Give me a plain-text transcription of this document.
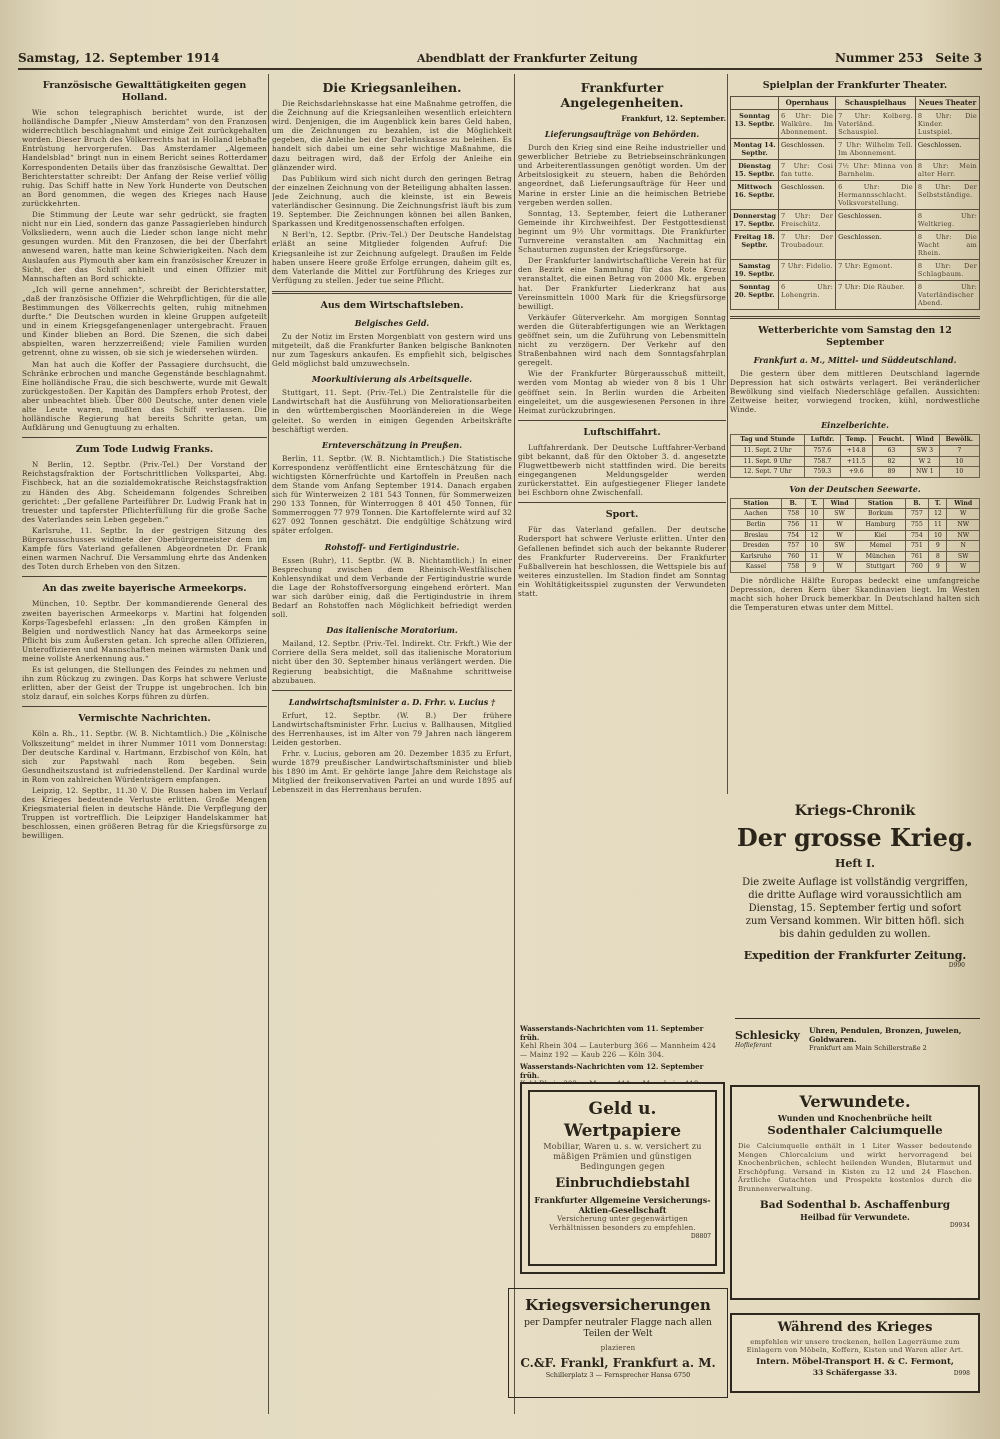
Samstag, 12. September 1914	Abendblatt der Frankfurter Zeitung	Nummer 253 Seite 3
Französische Gewalttätigkeiten gegen Holland.

Wie schon telegraphisch berichtet wurde, ist der holländische Dampfer „Nieuw Amsterdam“ von den Franzosen widerrechtlich beschlagnahmt und einige Zeit zurückgehalten worden. Dieser Bruch des Völkerrechts hat in Holland lebhafte Entrüstung hervorgerufen. Das Amsterdamer „Algemeen Handelsblad“ bringt nun in einem Bericht seines Rotterdamer Korrespondenten Details über das französische Gewalttat. Der Berichterstatter schreibt: Der Anfang der Reise verlief völlig ruhig. Das Schiff hatte in New York Hunderte von Deutschen an Bord genommen, die wegen des Krieges nach Hause zurückkehrten.

Die Stimmung der Leute war sehr gedrückt, sie fragten nicht nur ein Lied, sondern das ganze Passagierleben hindurch Volksliedern, wenn auch die Lieder schon lange nicht mehr gesungen wurden. Mit den Franzosen, die bei der Überfahrt anwesend waren, hatte man keine Schwierigkeiten. Nach dem Auslaufen aus Plymouth aber kam ein französischer Kreuzer in Sicht, der das Schiff anhielt und einen Offizier mit Mannschaften an Bord schickte.

„Ich will gerne annehmen“, schreibt der Berichterstatter, „daß der französische Offizier die Wehrpflichtigen, für die alle Bestimmungen des Völkerrechts gelten, ruhig mitnehmen durfte.“ Die Deutschen wurden in kleine Gruppen aufgeteilt und in einem Kriegsgefangenenlager untergebracht. Frauen und Kinder blieben an Bord. Die Szenen, die sich dabei abspielten, waren herzzerreißend; viele Familien wurden getrennt, ohne zu wissen, ob sie sich je wiedersehen würden.

Man hat auch die Koffer der Passagiere durchsucht, die Schränke erbrochen und manche Gegenstände beschlagnahmt. Eine holländische Frau, die sich beschwerte, wurde mit Gewalt zurückgestoßen. Der Kapitän des Dampfers erhob Protest, der aber unbeachtet blieb. Über 800 Deutsche, unter denen viele alte Leute waren, mußten das Schiff verlassen. Die holländische Regierung hat bereits Schritte getan, um Aufklärung und Genugtuung zu erhalten.

Zum Tode Ludwig Franks.

N Berlin, 12. Septbr. (Priv.-Tel.) Der Vorstand der Reichstagsfraktion der Fortschrittlichen Volkspartei, Abg. Fischbeck, hat an die sozialdemokratische Reichstagsfraktion zu Händen des Abg. Scheidemann folgendes Schreiben gerichtet: „Der gefallene Parteiführer Dr. Ludwig Frank hat in treuester und tapferster Pflichterfüllung für die große Sache des Vaterlandes sein Leben gegeben.“

Karlsruhe, 11. Septbr. In der gestrigen Sitzung des Bürgerausschusses widmete der Oberbürgermeister dem im Kampfe fürs Vaterland gefallenen Abgeordneten Dr. Frank einen warmen Nachruf. Die Versammlung ehrte das Andenken des Toten durch Erheben von den Sitzen.

An das zweite bayerische Armeekorps.

München, 10. Septbr. Der kommandierende General des zweiten bayerischen Armeekorps v. Martini hat folgenden Korps-Tagesbefehl erlassen: „In den großen Kämpfen in Belgien und nordwestlich Nancy hat das Armeekorps seine Pflicht bis zum Äußersten getan. Ich spreche allen Offizieren, Unteroffizieren und Mannschaften meinen wärmsten Dank und meine vollste Anerkennung aus.“

Es ist gelungen, die Stellungen des Feindes zu nehmen und ihn zum Rückzug zu zwingen. Das Korps hat schwere Verluste erlitten, aber der Geist der Truppe ist ungebrochen. Ich bin stolz darauf, ein solches Korps führen zu dürfen.

Vermischte Nachrichten.

Köln a. Rh., 11. Septbr. (W. B. Nichtamtlich.) Die „Kölnische Volkszeitung“ meldet in ihrer Nummer 1011 vom Donnerstag: Der deutsche Kardinal v. Hartmann, Erzbischof von Köln, hat sich zur Papstwahl nach Rom begeben. Sein Gesundheitszustand ist zufriedenstellend. Der Kardinal wurde in Rom von zahlreichen Würdenträgern empfangen.

Leipzig, 12. Septbr., 11.30 V. Die Russen haben im Verlauf des Krieges bedeutende Verluste erlitten. Große Mengen Kriegsmaterial fielen in deutsche Hände. Die Verpflegung der Truppen ist vortrefflich. Die Leipziger Handelskammer hat beschlossen, einen größeren Betrag für die Kriegsfürsorge zu bewilligen.

Die Kriegsanleihen.

Die Reichsdarlehnskasse hat eine Maßnahme getroffen, die die Zeichnung auf die Kriegsanleihen wesentlich erleichtern wird. Denjenigen, die im Augenblick kein bares Geld haben, um die Zeichnungen zu bezahlen, ist die Möglichkeit gegeben, die Anleihe bei der Darlehnskasse zu beleihen. Es handelt sich dabei um eine sehr wichtige Maßnahme, die dazu beitragen wird, daß der Erfolg der Anleihe ein glänzender wird.

Das Publikum wird sich nicht durch den geringen Betrag der einzelnen Zeichnung von der Beteiligung abhalten lassen. Jede Zeichnung, auch die kleinste, ist ein Beweis vaterländischer Gesinnung. Die Zeichnungsfrist läuft bis zum 19. September. Die Zeichnungen können bei allen Banken, Sparkassen und Kreditgenossenschaften erfolgen.

N Berl'n, 12. Septbr. (Priv.-Tel.) Der Deutsche Handelstag erläßt an seine Mitglieder folgenden Aufruf: Die Kriegsanleihe ist zur Zeichnung aufgelegt. Draußen im Felde haben unsere Heere große Erfolge errungen, daheim gilt es, dem Vaterlande die Mittel zur Fortführung des Krieges zur Verfügung zu stellen. Jeder tue seine Pflicht.

Aus dem Wirtschaftsleben.
Belgisches Geld.

Zu der Notiz im Ersten Morgenblatt von gestern wird uns mitgeteilt, daß die Frankfurter Banken belgische Banknoten nur zum Tageskurs ankaufen. Es empfiehlt sich, belgisches Geld möglichst bald umzuwechseln.

Moorkultivierung als Arbeitsquelle.

Stuttgart, 11. Sept. (Priv.-Tel.) Die Zentralstelle für die Landwirtschaft hat die Ausführung von Meliorationsarbeiten in den württembergischen Moorländereien in die Wege geleitet. So werden in einigen Gegenden Arbeitskräfte beschäftigt werden.

Ernteverschätzung in Preußen.

Berlin, 11. Septbr. (W. B. Nichtamtlich.) Die Statistische Korrespondenz veröffentlicht eine Ernteschätzung für die wichtigsten Körnerfrüchte und Kartoffeln in Preußen nach dem Stande vom Anfang September 1914. Danach ergaben sich für Winterweizen 2 181 543 Tonnen, für Sommerweizen 290 133 Tonnen, für Winterroggen 8 401 450 Tonnen, für Sommerroggen 77 979 Tonnen. Die Kartoffelernte wird auf 32 627 092 Tonnen geschätzt. Die endgültige Schätzung wird später erfolgen.

Rohstoff- und Fertigindustrie.

Essen (Ruhr), 11. Septbr. (W. B. Nichtamtlich.) In einer Besprechung zwischen dem Rheinisch-Westfälischen Kohlensyndikat und dem Verbande der Fertigindustrie wurde die Lage der Rohstoffversorgung eingehend erörtert. Man war sich darüber einig, daß die Fertigindustrie in ihrem Bedarf an Rohstoffen nach Möglichkeit befriedigt werden soll.

Das italienische Moratorium.

Mailand, 12. Septbr. (Priv.-Tel. Indirekt. Ctr. Frkft.) Wie der Corriere della Sera meldet, soll das italienische Moratorium nicht über den 30. September hinaus verlängert werden. Die Regierung beabsichtigt, die Maßnahme schrittweise abzubauen.

Landwirtschaftsminister a. D. Frhr. v. Lucius †

Erfurt, 12. Septbr. (W. B.) Der frühere Landwirtschaftsminister Frhr. Lucius v. Ballhausen, Mitglied des Herrenhauses, ist im Alter von 79 Jahren nach längerem Leiden gestorben.

Frhr. v. Lucius, geboren am 20. Dezember 1835 zu Erfurt, wurde 1879 preußischer Landwirtschaftsminister und blieb bis 1890 im Amt. Er gehörte lange Jahre dem Reichstage als Mitglied der freikonservativen Partei an und wurde 1895 auf Lebenszeit in das Herrenhaus berufen.

Frankfurter Angelegenheiten.
Frankfurt, 12. September.
Lieferungsaufträge von Behörden.

Durch den Krieg sind eine Reihe industrieller und gewerblicher Betriebe zu Betriebseinschränkungen und Arbeiterentlassungen genötigt worden. Um der Arbeitslosigkeit zu steuern, haben die Behörden angeordnet, daß Lieferungsaufträge für Heer und Marine in erster Linie an die heimischen Betriebe vergeben werden sollen.

Sonntag, 13. September, feiert die Lutheraner Gemeinde ihr Kirchweihfest. Der Festgottesdienst beginnt um 9½ Uhr vormittags. Die Frankfurter Turnvereine veranstalten am Nachmittag ein Schauturnen zugunsten der Kriegsfürsorge.

Der Frankfurter landwirtschaftliche Verein hat für den Bezirk eine Sammlung für das Rote Kreuz veranstaltet, die einen Betrag von 2000 Mk. ergeben hat. Der Frankfurter Liederkranz hat aus Vereinsmitteln 1000 Mark für die Kriegsfürsorge bewilligt.

Verkäufer Güterverkehr. Am morgigen Sonntag werden die Güterabfertigungen wie an Werktagen geöffnet sein, um die Zuführung von Lebensmitteln nicht zu verzögern. Der Verkehr auf den Straßenbahnen wird nach dem Sonntagsfahrplan geregelt.

Wie der Frankfurter Bürgerausschuß mitteilt, werden vom Montag ab wieder von 8 bis 1 Uhr geöffnet sein. In Berlin wurden die Arbeiten eingeleitet, um die ausgewiesenen Personen in ihre Heimat zurückzubringen.

Luftschiffahrt.

Luftfahrerdank. Der Deutsche Luftfahrer-Verband gibt bekannt, daß für den Oktober 3. d. angesetzte Flugwettbewerb nicht stattfinden wird. Die bereits eingegangenen Meldungsgelder werden zurückerstattet. Ein aufgestiegener Flieger landete bei Eschborn ohne Zwischenfall.

Sport.

Für das Vaterland gefallen. Der deutsche Rudersport hat schwere Verluste erlitten. Unter den Gefallenen befindet sich auch der bekannte Ruderer des Frankfurter Rudervereins. Der Frankfurter Fußballverein hat beschlossen, die Wettspiele bis auf weiteres einzustellen. Im Stadion findet am Sonntag ein Wohltätigkeitsspiel zugunsten der Verwundeten statt.

Spielplan der Frankfurter Theater.
	Opernhaus	Schauspielhaus	Neues Theater
Sonntag 13. Septbr.	6 Uhr: Die Walküre. Im Abonnement.	7 Uhr: Kolberg. Vaterländ. Schauspiel.	8 Uhr: Die Kinder. Lustspiel.
Montag 14. Septbr.	Geschlossen.	7 Uhr: Wilhelm Tell. Im Abonnement.	Geschlossen.
Dienstag 15. Septbr.	7 Uhr: Cosi fan tutte.	7½ Uhr: Minna von Barnhelm.	8 Uhr: Mein alter Herr.
Mittwoch 16. Septbr.	Geschlossen.	6 Uhr: Die Hermannsschlacht. Volksvorstellung.	8 Uhr: Der Selbstständige.
Donnerstag 17. Septbr.	7 Uhr: Der Freischütz.	Geschlossen.	8 Uhr: Weltkrieg.
Freitag 18. Septbr.	7 Uhr: Der Troubadour.	Geschlossen.	8 Uhr: Die Wacht am Rhein.
Samstag 19. Septbr.	7 Uhr: Fidelio.	7 Uhr: Egmont.	8 Uhr: Der Schlagbaum.
Sonntag 20. Septbr.	6 Uhr: Lohengrin.	7 Uhr: Die Räuber.	8 Uhr: Vaterländischer Abend.
Wetterberichte vom Samstag den 12 September
Frankfurt a. M., Mittel- und Süddeutschland.

Die gestern über dem mittleren Deutschland lagernde Depression hat sich ostwärts verlagert. Bei veränderlicher Bewölkung sind vielfach Niederschläge gefallen. Aussichten: Zeitweise heiter, vorwiegend trocken, kühl, nordwestliche Winde.

Einzelberichte.
Tag und Stunde	Luftdr.	Temp.	Feucht.	Wind	Bewölk.
11. Sept. 2 Uhr	757.6	+14.8	63	SW 3	7
11. Sept. 9 Uhr	758.7	+11.5	82	W 2	10
12. Sept. 7 Uhr	759.3	+9.6	89	NW 1	10
Von der Deutschen Seewarte.
Station	B.	T.	Wind	Station	B.	T.	Wind
Aachen	758	10	SW	Borkum	757	12	W
Berlin	756	11	W	Hamburg	755	11	NW
Breslau	754	12	W	Kiel	754	10	NW
Dresden	757	10	SW	Memel	751	9	N
Karlsruhe	760	11	W	München	761	8	SW
Kassel	758	9	W	Stuttgart	760	9	W

Die nördliche Hälfte Europas bedeckt eine umfangreiche Depression, deren Kern über Skandinavien liegt. Im Westen macht sich hoher Druck bemerkbar. In Deutschland halten sich die Temperaturen etwas unter dem Mittel.

Kriegs-Chronik
Der grosse Krieg.
Heft I.
Die zweite Auflage ist vollständig vergriffen, die dritte Auflage wird voraussichtlich am Dienstag, 15. September fertig und sofort zum Versand kommen. Wir bitten höfl. sich bis dahin gedulden zu wollen.
Expedition der Frankfurter Zeitung.
D990
Schlesicky
Hoflieferant
Uhren, Pendulen, Bronzen, Juwelen, Goldwaren.
Frankfurt am Main Schillerstraße 2
Wasserstands-Nachrichten vom 11. September früh.
Kehl Rhein 304 — Lauterburg 366 — Mannheim 424 — Mainz 192 — Kaub 226 — Köln 304.
Wasserstands-Nachrichten vom 12. September früh.
Geld u. Wertpapiere
Mobiliar, Waren u. s. w. versichert zu mäßigen Prämien und günstigen Bedingungen gegen
Einbruchdiebstahl
Frankfurter Allgemeine Versicherungs-Aktien-Gesellschaft
Versicherung unter gegenwärtigen Verhältnissen besonders zu empfehlen.
D8807
Kriegsversicherungen
per Dampfer neutraler Flagge nach allen Teilen der Welt
plazieren
C.&F. Frankl, Frankfurt a. M.
Schillerplatz 3 — Fernsprecher Hansa 6750
Verwundete.
Wunden und Knochenbrüche heilt
Sodenthaler Calciumquelle
Die Calciumquelle enthält in 1 Liter Wasser bedeutende Mengen Chlorcalcium und wirkt hervorragend bei Knochenbrüchen, schlecht heilenden Wunden, Blutarmut und Erschöpfung. Versand in Kisten zu 12 und 24 Flaschen. Ärztliche Gutachten und Prospekte kostenlos durch die Brunnenverwaltung.
Bad Sodenthal b. Aschaffenburg
Heilbad für Verwundete.
D9934
Während des Krieges
empfehlen wir unsere trockenen, hellen Lagerräume zum Einlagern von Möbeln, Koffern, Kisten und Waren aller Art.
Intern. Möbel-Transport H. & C. Fermont,
33 Schäfergasse 33.	D998
